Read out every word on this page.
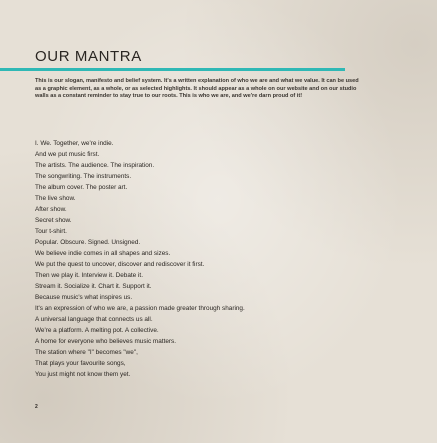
OUR MANTRA

This is our slogan, manifesto and belief system. It's a written explanation of who we are and what we value. It can be used as a graphic element, as a whole, or as selected highlights. It should appear as a whole on our website and on our studio walls as a constant reminder to stay true to our roots. This is who we are, and we're darn proud of it!

I. We. Together, we're indie.
And we put music first.
The artists. The audience. The inspiration.
The songwriting. The instruments.
The album cover. The poster art.
The live show.
After show.
Secret show.
Tour t-shirt.
Popular. Obscure. Signed. Unsigned.
We believe indie comes in all shapes and sizes.
We put the quest to uncover, discover and rediscover it first.
Then we play it. Interview it. Debate it.
Stream it. Socialize it. Chart it. Support it.
Because music's what inspires us.
It's an expression of who we are, a passion made greater through sharing.
A universal language that connects us all.
We're a platform. A melting pot. A collective.
A home for everyone who believes music matters.
The station where "I" becomes "we",
That plays your favourite songs,
You just might not know them yet.
2
